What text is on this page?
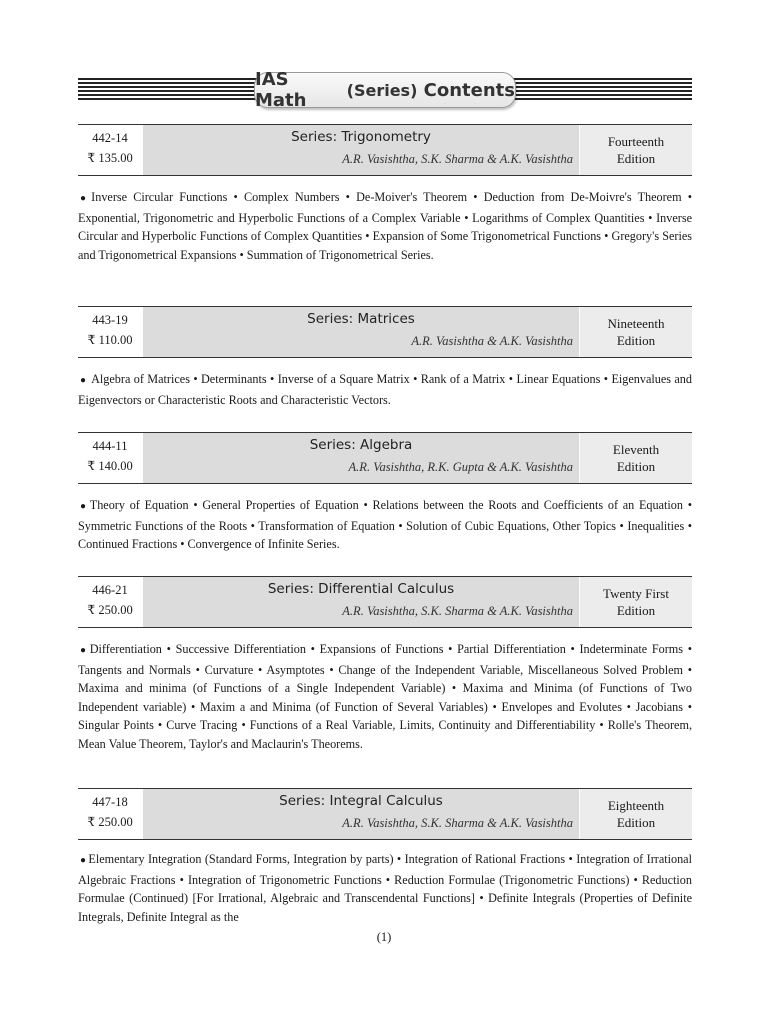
IAS Math
	(Series)
Contents
442-14
₹ 135.00
Series: Trigonometry
A.R. Vasishtha, S.K. Sharma & A.K. Vasishtha
Fourteenth
Edition

● Inverse Circular Functions • Complex Numbers • De-Moiver's Theorem • Deduction from De-Moivre's Theorem • Exponential, Trigonometric and Hyperbolic Functions of a Complex Variable • Logarithms of Complex Quantities • Inverse Circular and Hyperbolic Functions of Complex Quantities • Expansion of Some Trigonometrical Functions • Gregory's Series and Trigonometrical Expansions • Summation of Trigonometrical Series.

443-19
₹ 110.00
Series: Matrices
A.R. Vasishtha & A.K. Vasishtha
Nineteenth
Edition

● Algebra of Matrices • Determinants • Inverse of a Square Matrix • Rank of a Matrix • Linear Equations • Eigenvalues and Eigenvectors or Characteristic Roots and Characteristic Vectors.

444-11
₹ 140.00
Series: Algebra
A.R. Vasishtha, R.K. Gupta & A.K. Vasishtha
Eleventh
Edition

● Theory of Equation • General Properties of Equation • Relations between the Roots and Coefficients of an Equation • Symmetric Functions of the Roots • Transformation of Equation • Solution of Cubic Equations, Other Topics • Inequalities • Continued Fractions • Convergence of Infinite Series.

446-21
₹ 250.00
Series: Differential Calculus
A.R. Vasishtha, S.K. Sharma & A.K. Vasishtha
Twenty First
Edition

● Differentiation • Successive Differentiation • Expansions of Functions • Partial Differentiation • Indeterminate Forms • Tangents and Normals • Curvature • Asymptotes • Change of the Independent Variable, Miscellaneous Solved Problem • Maxima and minima (of Functions of a Single Independent Variable) • Maxima and Minima (of Functions of Two Independent variable) • Maxim a and Minima (of Function of Several Variables) • Envelopes and Evolutes • Jacobians • Singular Points • Curve Tracing • Functions of a Real Variable, Limits, Continuity and Differentiability • Rolle's Theorem, Mean Value Theorem, Taylor's and Maclaurin's Theorems.

447-18
₹ 250.00
Series: Integral Calculus
A.R. Vasishtha, S.K. Sharma & A.K. Vasishtha
Eighteenth
Edition

● Elementary Integration (Standard Forms, Integration by parts) • Integration of Rational Fractions • Integration of Irrational Algebraic Fractions • Integration of Trigonometric Functions • Reduction Formulae (Trigonometric Functions) • Reduction Formulae (Continued) [For Irrational, Algebraic and Transcendental Functions] • Definite Integrals (Properties of Definite Integrals, Definite Integral as the

(1)
